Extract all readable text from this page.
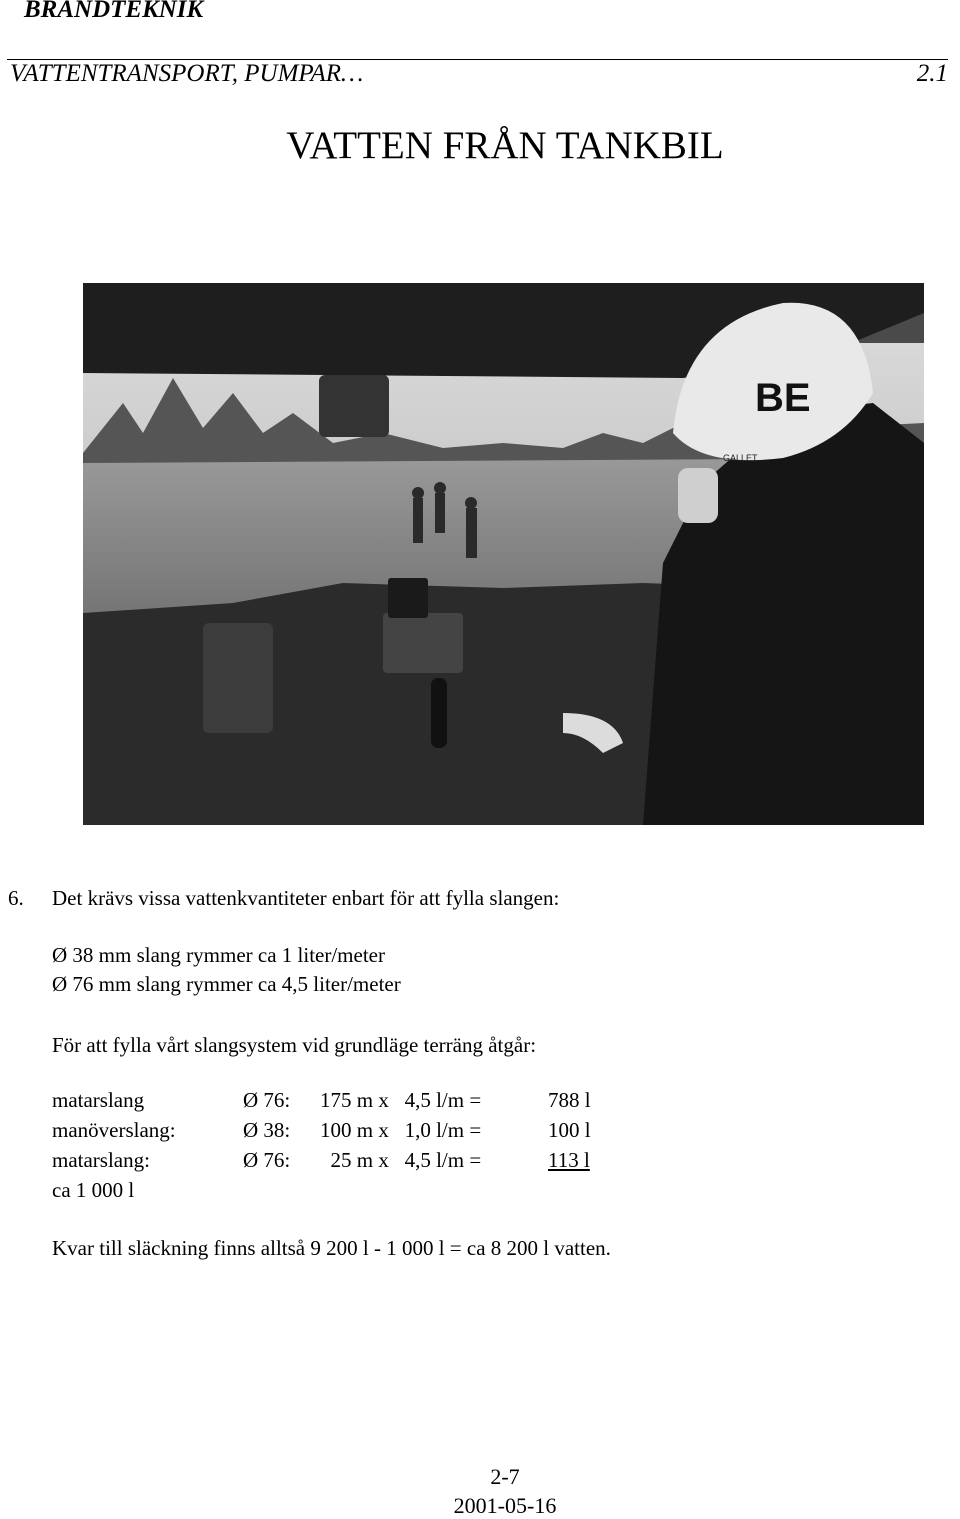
BRANDTEKNIK
VATTENTRANSPORT, PUMPAR…	2.1
VATTEN FRÅN TANKBIL
BE
GALLET
6. Det krävs vissa vattenkvantiteter enbart för att fylla slangen:
Ø 38 mm slang rymmer ca 1 liter/meter
Ø 76 mm slang rymmer ca 4,5 liter/meter
För att fylla vårt slangsystem vid grundläge terräng åtgår:
matarslang	Ø 76: 175 m x   4,5 l/m =	788 l
manöverslang:	Ø 38: 100 m x   1,0 l/m =	100 l
matarslang:	Ø 76: 25 m x   4,5 l/m =	113 l
ca 1 000 l
Kvar till släckning finns alltså 9 200 l - 1 000 l = ca 8 200 l vatten.
2-7
2001-05-16
